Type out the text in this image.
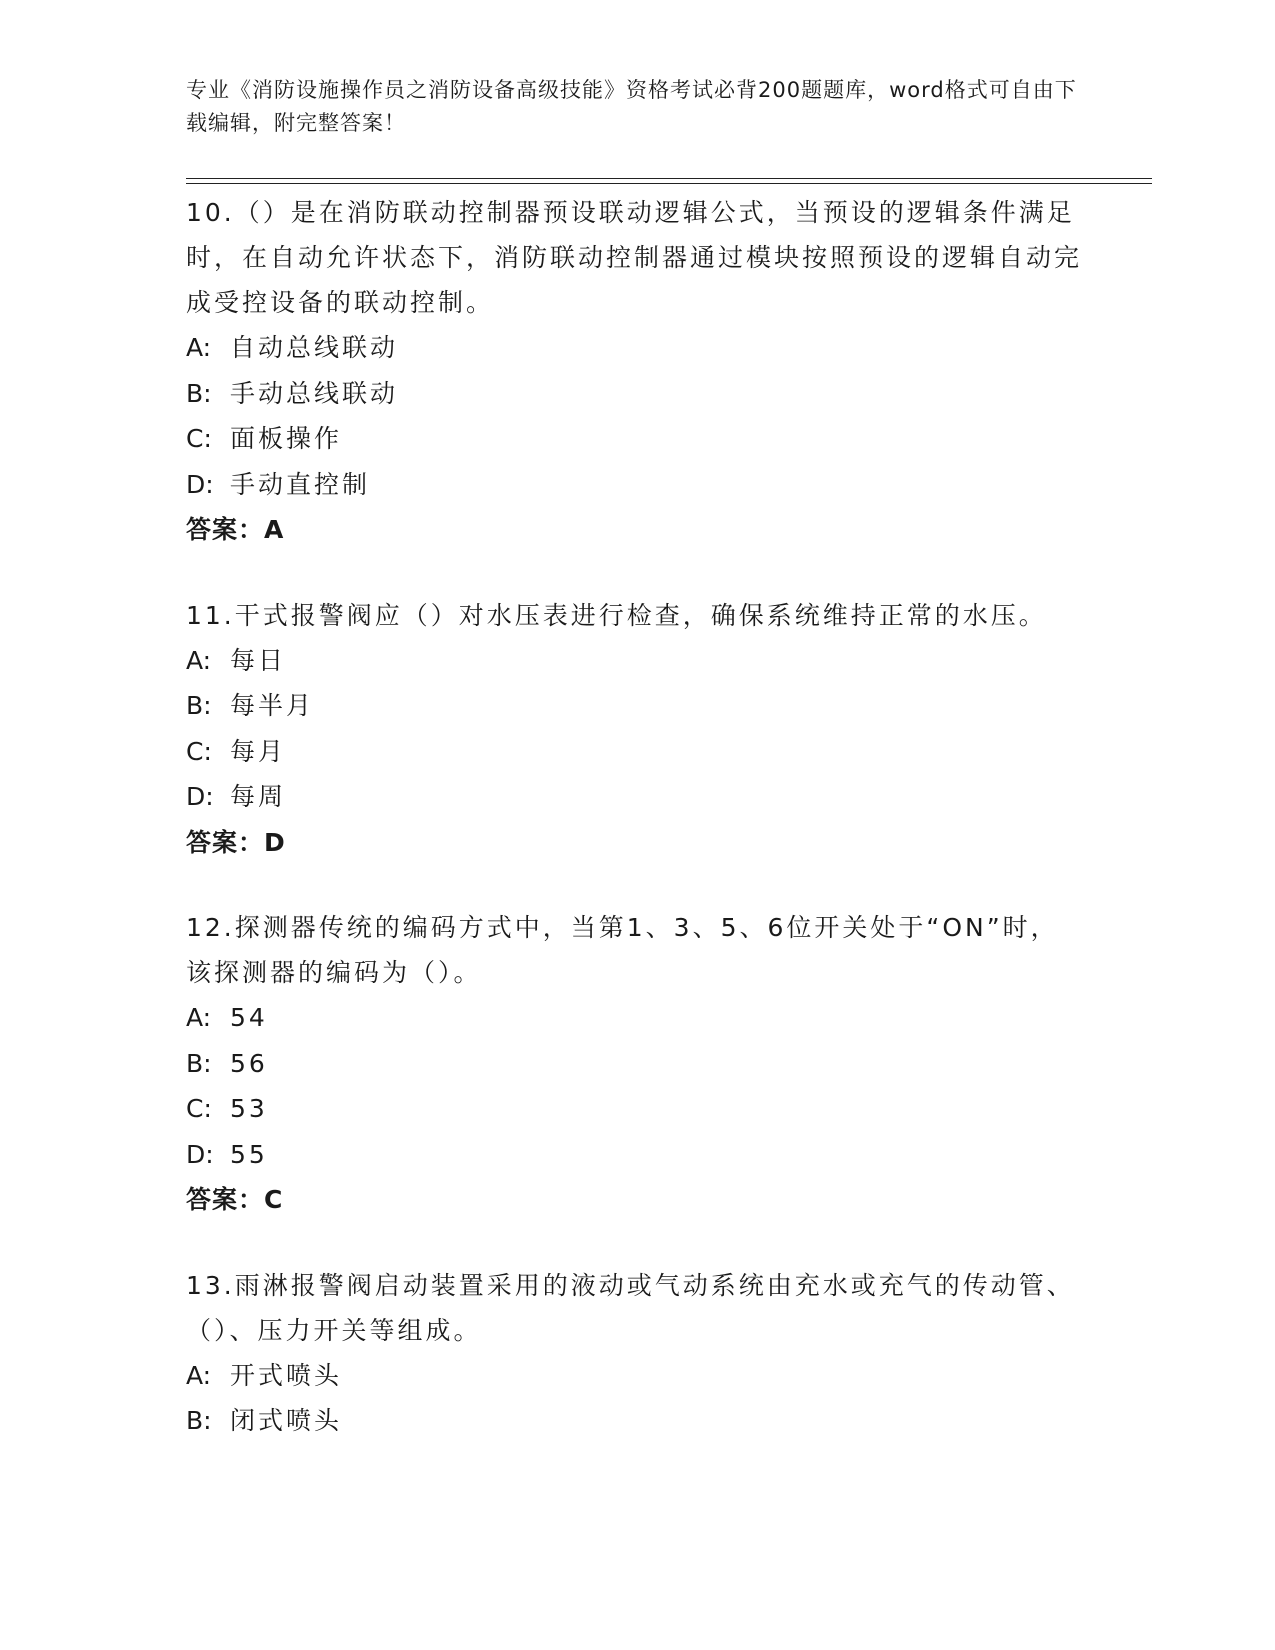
专业《消防设施操作员之消防设备高级技能》资格考试必背200题题库，word格式可自由下载编辑，附完整答案！

10.（）是在消防联动控制器预设联动逻辑公式，当预设的逻辑条件满足时，在自动允许状态下，消防联动控制器通过模块按照预设的逻辑自动完成受控设备的联动控制。

A: 自动总线联动

B: 手动总线联动

C: 面板操作

D: 手动直控制

答案：A

11.干式报警阀应（）对水压表进行检查，确保系统维持正常的水压。

A: 每日

B: 每半月

C: 每月

D: 每周

答案：D

12.探测器传统的编码方式中，当第1、3、5、6位开关处于“ON”时，该探测器的编码为（）。

A: 54

B: 56

C: 53

D: 55

答案：C

13.雨淋报警阀启动装置采用的液动或气动系统由充水或充气的传动管、（）、压力开关等组成。

A: 开式喷头

B: 闭式喷头
